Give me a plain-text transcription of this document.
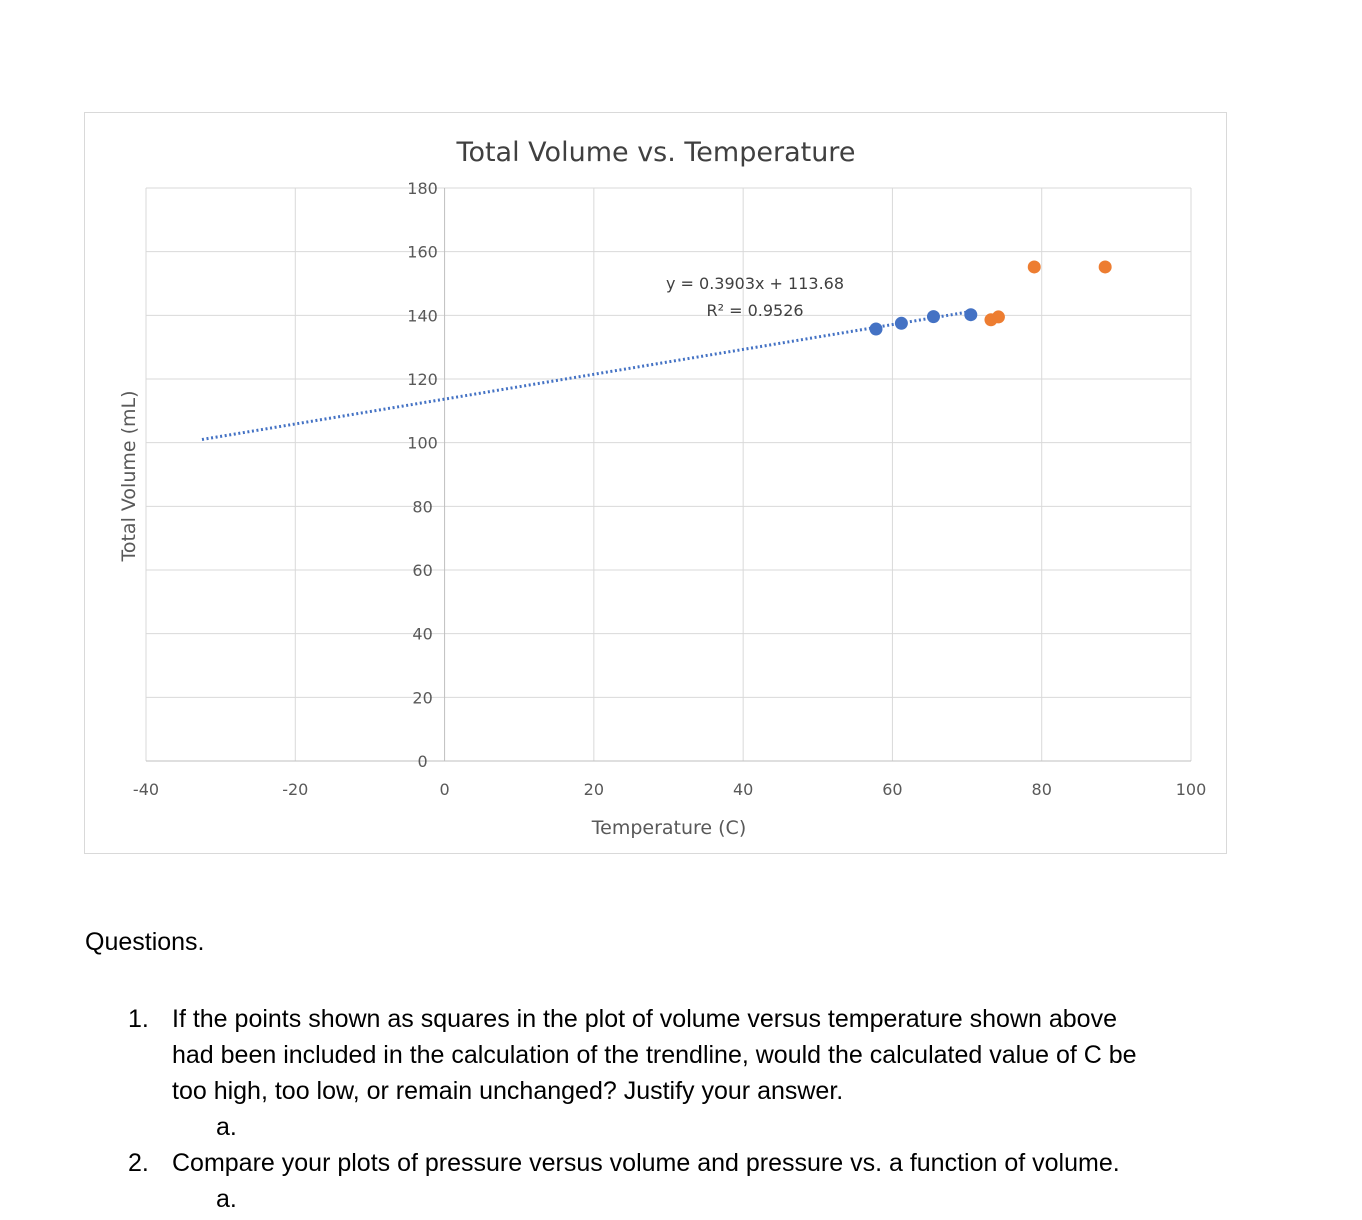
Total Volume vs. Temperature
-40	-20	0	20	40	60	80	100
0
20
40
60
80
100
120
140
160
180
y = 0.3903x + 113.68
R² = 0.9526
Temperature (C)
Total Volume (mL)
Questions.
1. If the points shown as squares in the plot of volume versus temperature shown above
had been included in the calculation of the trendline, would the calculated value of C be
too high, too low, or remain unchanged? Justify your answer.
a.
2. Compare your plots of pressure versus volume and pressure vs. a function of volume.
a.
